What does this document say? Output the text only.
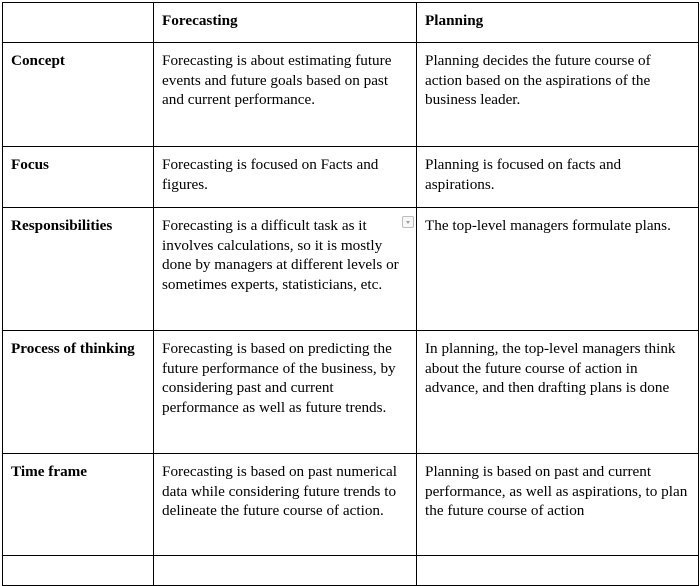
	Forecasting	Planning
Concept	Forecasting is about estimating future events and future goals based on past and current performance.	Planning decides the future course of action based on the aspirations of the business leader.
Focus	Forecasting is focused on Facts and figures.	Planning is focused on facts and aspirations.
Responsibilities	Forecasting is a difficult task as it involves calculations, so it is mostly done by managers at different levels or sometimes experts, statisticians, etc.	The top-level managers formulate plans.
Process of thinking	Forecasting is based on predicting the future performance of the business, by considering past and current performance as well as future trends.	In planning, the top-level managers think about the future course of action in advance, and then drafting plans is done
Time frame	Forecasting is based on past numerical data while considering future trends to delineate the future course of action.	Planning is based on past and current performance, as well as aspirations, to plan the future course of action
